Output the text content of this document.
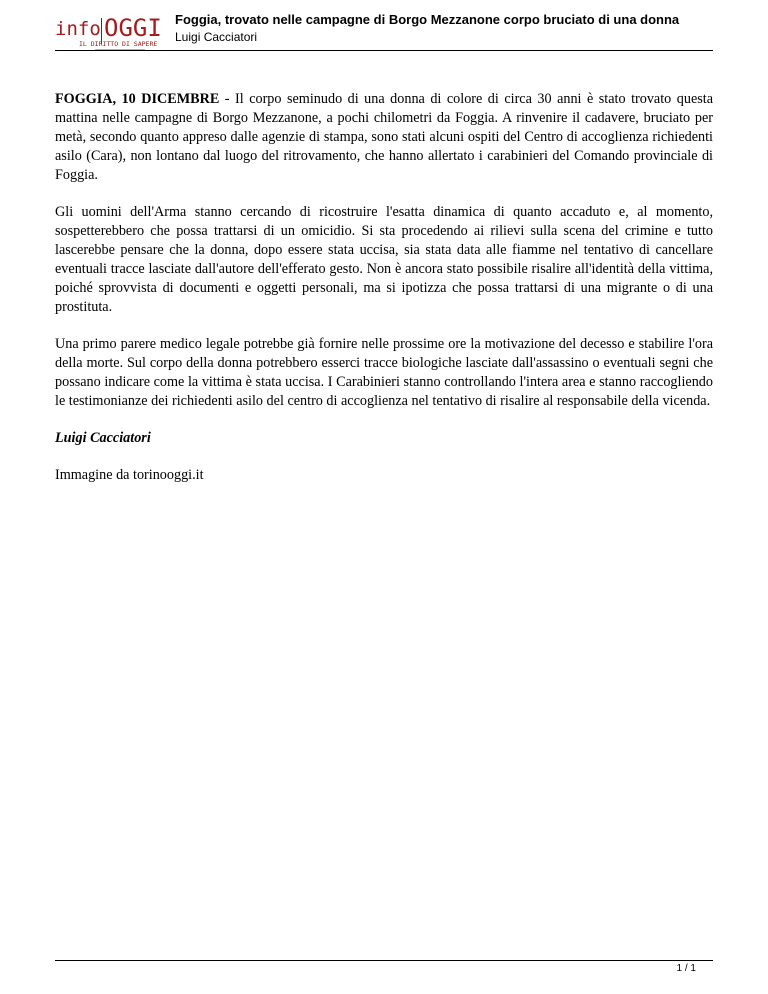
info OGGI
IL DIRITTO DI SAPERE
Foggia, trovato nelle campagne di Borgo Mezzanone corpo bruciato di una donna
Luigi Cacciatori

FOGGIA, 10 DICEMBRE - Il corpo seminudo di una donna di colore di circa 30 anni è stato trovato questa mattina nelle campagne di Borgo Mezzanone, a pochi chilometri da Foggia. A rinvenire il cadavere, bruciato per metà, secondo quanto appreso dalle agenzie di stampa, sono stati alcuni ospiti del Centro di accoglienza richiedenti asilo (Cara), non lontano dal luogo del ritrovamento, che hanno allertato i carabinieri del Comando provinciale di Foggia.

Gli uomini dell'Arma stanno cercando di ricostruire l'esatta dinamica di quanto accaduto e, al momento, sospetterebbero che possa trattarsi di un omicidio. Si sta procedendo ai rilievi sulla scena del crimine e tutto lascerebbe pensare che la donna, dopo essere stata uccisa, sia stata data alle fiamme nel tentativo di cancellare eventuali tracce lasciate dall'autore dell'efferato gesto. Non è ancora stato possibile risalire all'identità della vittima, poiché sprovvista di documenti e oggetti personali, ma si ipotizza che possa trattarsi di una migrante o di una prostituta.

Una primo parere medico legale potrebbe già fornire nelle prossime ore la motivazione del decesso e stabilire l'ora della morte. Sul corpo della donna potrebbero esserci tracce biologiche lasciate dall'assassino o eventuali segni che possano indicare come la vittima è stata uccisa. I Carabinieri stanno controllando l'intera area e stanno raccogliendo le testimonianze dei richiedenti asilo del centro di accoglienza nel tentativo di risalire al responsabile della vicenda.

Luigi Cacciatori

Immagine da torinooggi.it

1 / 1
